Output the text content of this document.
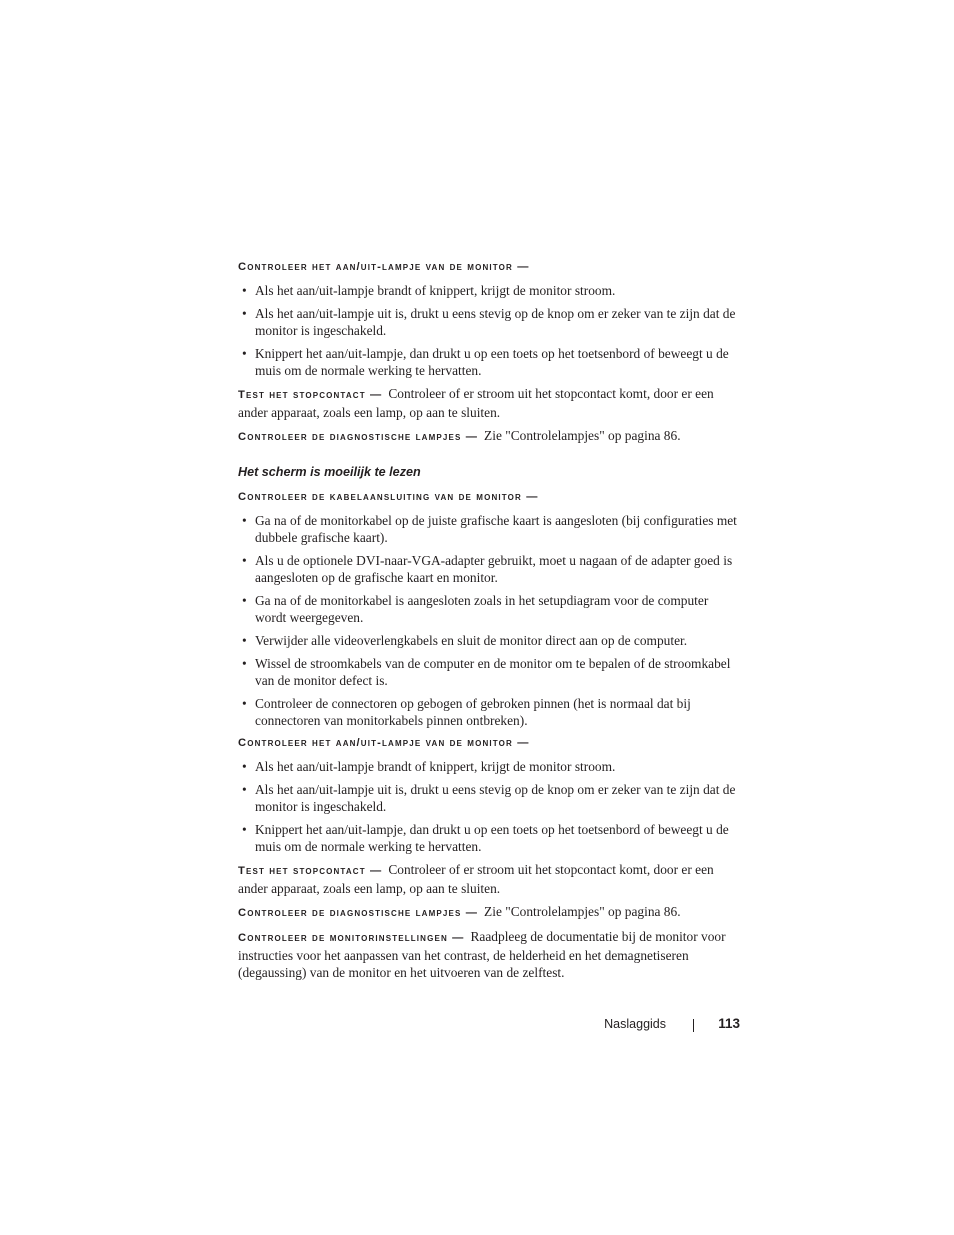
Controleer het aan/uit-lampje van de monitor —
• Als het aan/uit-lampje brandt of knippert, krijgt de monitor stroom.
• Als het aan/uit-lampje uit is, drukt u eens stevig op de knop om er zeker van te zijn dat de monitor is ingeschakeld.
• Knippert het aan/uit-lampje, dan drukt u op een toets op het toetsenbord of beweegt u de muis om de normale werking te hervatten.

Test het stopcontact — Controleer of er stroom uit het stopcontact komt, door er een ander apparaat, zoals een lamp, op aan te sluiten.

Controleer de diagnostische lampjes — Zie "Controlelampjes" op pagina 86.

Het scherm is moeilijk te lezen
Controleer de kabelaansluiting van de monitor —
• Ga na of de monitorkabel op de juiste grafische kaart is aangesloten (bij configuraties met dubbele grafische kaart).
• Als u de optionele DVI-naar-VGA-adapter gebruikt, moet u nagaan of de adapter goed is aangesloten op de grafische kaart en monitor.
• Ga na of de monitorkabel is aangesloten zoals in het setupdiagram voor de computer wordt weergegeven.
• Verwijder alle videoverlengkabels en sluit de monitor direct aan op de computer.
• Wissel de stroomkabels van de computer en de monitor om te bepalen of de stroomkabel van de monitor defect is.
• Controleer de connectoren op gebogen of gebroken pinnen (het is normaal dat bij connectoren van monitorkabels pinnen ontbreken).
Controleer het aan/uit-lampje van de monitor —
• Als het aan/uit-lampje brandt of knippert, krijgt de monitor stroom.
• Als het aan/uit-lampje uit is, drukt u eens stevig op de knop om er zeker van te zijn dat de monitor is ingeschakeld.
• Knippert het aan/uit-lampje, dan drukt u op een toets op het toetsenbord of beweegt u de muis om de normale werking te hervatten.

Test het stopcontact — Controleer of er stroom uit het stopcontact komt, door er een ander apparaat, zoals een lamp, op aan te sluiten.

Controleer de diagnostische lampjes — Zie "Controlelampjes" op pagina 86.

Controleer de monitorinstellingen — Raadpleeg de documentatie bij de monitor voor instructies voor het aanpassen van het contrast, de helderheid en het demagnetiseren (degaussing) van de monitor en het uitvoeren van de zelftest.

Naslaggids	113
